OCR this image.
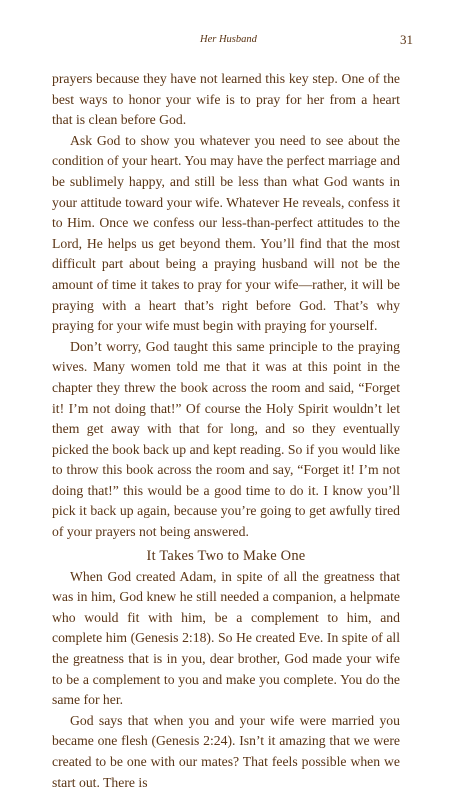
Her Husband	31

prayers because they have not learned this key step. One of the best ways to honor your wife is to pray for her from a heart that is clean before God.

Ask God to show you whatever you need to see about the condition of your heart. You may have the perfect marriage and be sublimely happy, and still be less than what God wants in your attitude toward your wife. Whatever He reveals, confess it to Him. Once we confess our less-than-perfect attitudes to the Lord, He helps us get beyond them. You’ll find that the most difficult part about being a praying husband will not be the amount of time it takes to pray for your wife—rather, it will be praying with a heart that’s right before God. That’s why praying for your wife must begin with praying for yourself.

Don’t worry, God taught this same principle to the praying wives. Many women told me that it was at this point in the chapter they threw the book across the room and said, “Forget it! I’m not doing that!” Of course the Holy Spirit wouldn’t let them get away with that for long, and so they eventually picked the book back up and kept reading. So if you would like to throw this book across the room and say, “Forget it! I’m not doing that!” this would be a good time to do it. I know you’ll pick it back up again, because you’re going to get awfully tired of your prayers not being answered.

It Takes Two to Make One

When God created Adam, in spite of all the greatness that was in him, God knew he still needed a companion, a helpmate who would fit with him, be a complement to him, and complete him (Genesis 2:18). So He created Eve. In spite of all the greatness that is in you, dear brother, God made your wife to be a complement to you and make you complete. You do the same for her.

God says that when you and your wife were married you became one flesh (Genesis 2:24). Isn’t it amazing that we were created to be one with our mates? That feels possible when we start out. There is
